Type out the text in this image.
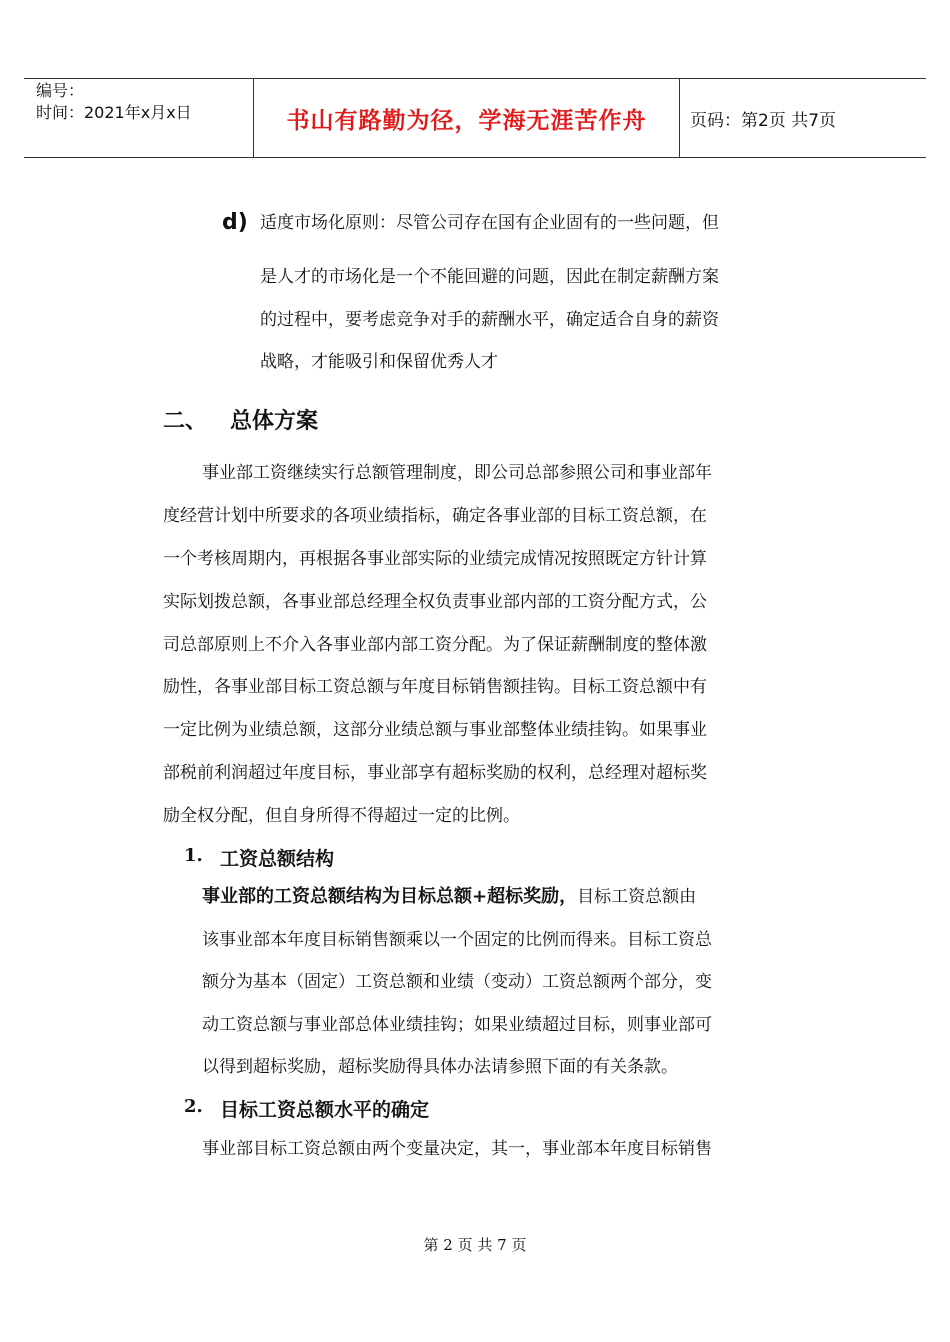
编号：
时间：2021年x月x日	书山有路勤为径，学海无涯苦作舟	页码：第2页 共7页
d) 适度市场化原则：尽管公司存在国有企业固有的一些问题，但
是人才的市场化是一个不能回避的问题，因此在制定薪酬方案
的过程中，要考虑竞争对手的薪酬水平，确定适合自身的薪资
战略，才能吸引和保留优秀人才
二、 总体方案
事业部工资继续实行总额管理制度，即公司总部参照公司和事业部年
度经营计划中所要求的各项业绩指标，确定各事业部的目标工资总额，在
一个考核周期内，再根据各事业部实际的业绩完成情况按照既定方针计算
实际划拨总额，各事业部总经理全权负责事业部内部的工资分配方式，公
司总部原则上不介入各事业部内部工资分配。为了保证薪酬制度的整体激
励性，各事业部目标工资总额与年度目标销售额挂钩。目标工资总额中有
一定比例为业绩总额，这部分业绩总额与事业部整体业绩挂钩。如果事业
部税前利润超过年度目标，事业部享有超标奖励的权利，总经理对超标奖
励全权分配，但自身所得不得超过一定的比例。
1. 工资总额结构
事业部的工资总额结构为目标总额+超标奖励，目标工资总额由
该事业部本年度目标销售额乘以一个固定的比例而得来。目标工资总
额分为基本（固定）工资总额和业绩（变动）工资总额两个部分，变
动工资总额与事业部总体业绩挂钩；如果业绩超过目标，则事业部可
以得到超标奖励，超标奖励得具体办法请参照下面的有关条款。
2. 目标工资总额水平的确定
事业部目标工资总额由两个变量决定，其一，事业部本年度目标销售
第 2 页 共 7 页
